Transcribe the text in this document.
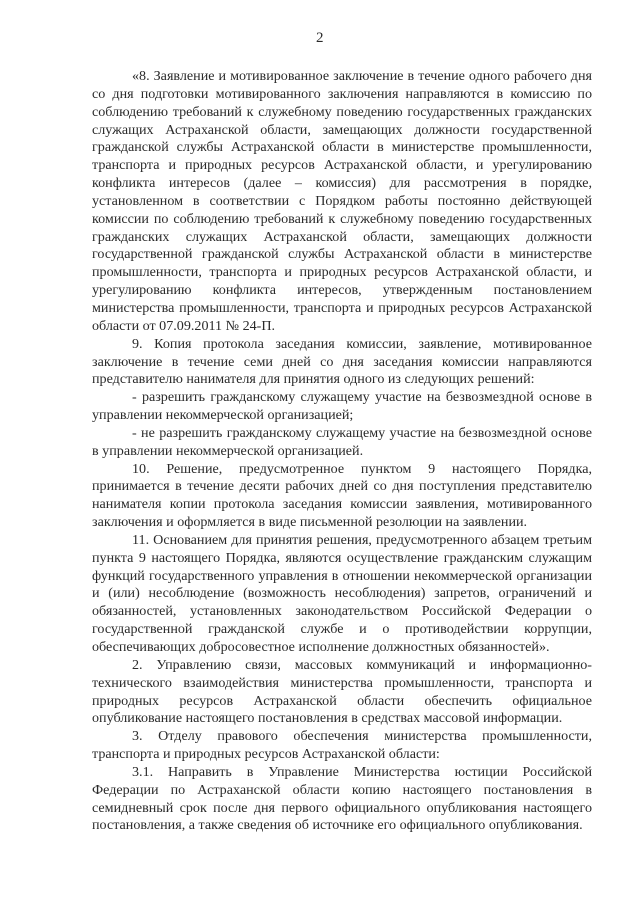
2

«8. Заявление и мотивированное заключение в течение одного рабочего дня со дня подготовки мотивированного заключения направляются в комиссию по соблюдению требований к служебному поведению государственных гражданских служащих Астраханской области, замещающих должности государственной гражданской службы Астраханской области в министерстве промышленности, транспорта и природных ресурсов Астраханской области, и урегулированию конфликта интересов (далее – комиссия) для рассмотрения в порядке, установленном в соответствии с Порядком работы постоянно действующей комиссии по соблюдению требований к служебному поведению государственных гражданских служащих Астраханской области, замещающих должности государственной гражданской службы Астраханской области в министерстве промышленности, транспорта и природных ресурсов Астраханской области, и урегулированию конфликта интересов, утвержденным постановлением министерства промышленности, транспорта и природных ресурсов Астраханской области от 07.09.2011 № 24-П.

9. Копия протокола заседания комиссии, заявление, мотивированное заключение в течение семи дней со дня заседания комиссии направляются представителю нанимателя для принятия одного из следующих решений:

- разрешить гражданскому служащему участие на безвозмездной основе в управлении некоммерческой организацией;

- не разрешить гражданскому служащему участие на безвозмездной основе в управлении некоммерческой организацией.

10. Решение, предусмотренное пунктом 9 настоящего Порядка, принимается в течение десяти рабочих дней со дня поступления представителю нанимателя копии протокола заседания комиссии заявления, мотивированного заключения и оформляется в виде письменной резолюции на заявлении.

11. Основанием для принятия решения, предусмотренного абзацем третьим пункта 9 настоящего Порядка, являются осуществление гражданским служащим функций государственного управления в отношении некоммерческой организации и (или) несоблюдение (возможность несоблюдения) запретов, ограничений и обязанностей, установленных законодательством Российской Федерации о государственной гражданской службе и о противодействии коррупции, обеспечивающих добросовестное исполнение должностных обязанностей».

2. Управлению связи, массовых коммуникаций и информационно-технического взаимодействия министерства промышленности, транспорта и природных ресурсов Астраханской области обеспечить официальное опубликование настоящего постановления в средствах массовой информации.

3. Отделу правового обеспечения министерства промышленности, транспорта и природных ресурсов Астраханской области:

3.1. Направить в Управление Министерства юстиции Российской Федерации по Астраханской области копию настоящего постановления в семидневный срок после дня первого официального опубликования настоящего постановления, а также сведения об источнике его официального опубликования.
